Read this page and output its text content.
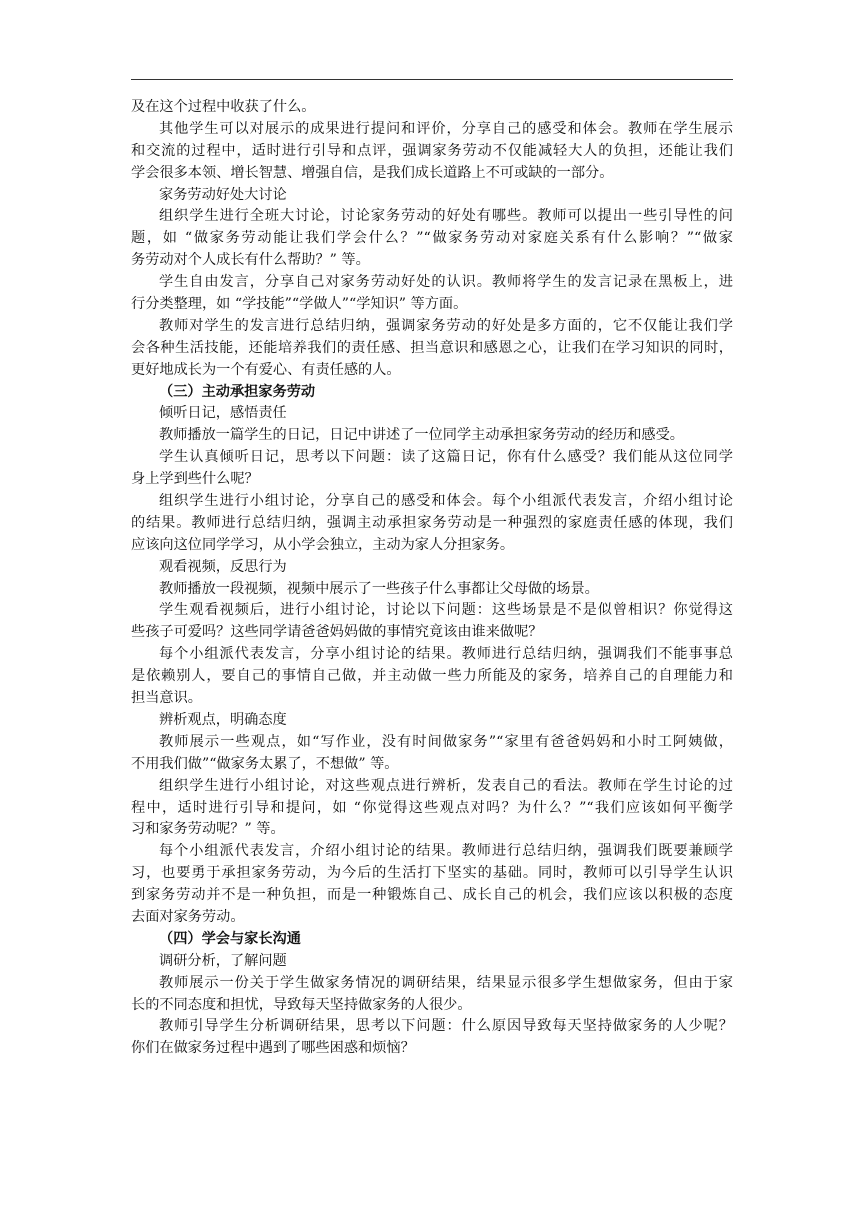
及在这个过程中收获了什么。
其他学生可以对展示的成果进行提问和评价，分享自己的感受和体会。教师在学生展示
和交流的过程中，适时进行引导和点评，强调家务劳动不仅能减轻大人的负担，还能让我们
学会很多本领、增长智慧、增强自信，是我们成长道路上不可或缺的一部分。
家务劳动好处大讨论
组织学生进行全班大讨论，讨论家务劳动的好处有哪些。教师可以提出一些引导性的问
题，如 “做家务劳动能让我们学会什么？”“做家务劳动对家庭关系有什么影响？”“做家
务劳动对个人成长有什么帮助？” 等。
学生自由发言，分享自己对家务劳动好处的认识。教师将学生的发言记录在黑板上，进
行分类整理，如 “学技能”“学做人”“学知识” 等方面。
教师对学生的发言进行总结归纳，强调家务劳动的好处是多方面的，它不仅能让我们学
会各种生活技能，还能培养我们的责任感、担当意识和感恩之心，让我们在学习知识的同时，
更好地成长为一个有爱心、有责任感的人。
（三）主动承担家务劳动
倾听日记，感悟责任
教师播放一篇学生的日记，日记中讲述了一位同学主动承担家务劳动的经历和感受。
学生认真倾听日记，思考以下问题：读了这篇日记，你有什么感受？我们能从这位同学
身上学到些什么呢？
组织学生进行小组讨论，分享自己的感受和体会。每个小组派代表发言，介绍小组讨论
的结果。教师进行总结归纳，强调主动承担家务劳动是一种强烈的家庭责任感的体现，我们
应该向这位同学学习，从小学会独立，主动为家人分担家务。
观看视频，反思行为
教师播放一段视频，视频中展示了一些孩子什么事都让父母做的场景。
学生观看视频后，进行小组讨论，讨论以下问题：这些场景是不是似曾相识？你觉得这
些孩子可爱吗？这些同学请爸爸妈妈做的事情究竟该由谁来做呢？
每个小组派代表发言，分享小组讨论的结果。教师进行总结归纳，强调我们不能事事总
是依赖别人，要自己的事情自己做，并主动做一些力所能及的家务，培养自己的自理能力和
担当意识。
辨析观点，明确态度
教师展示一些观点，如“写作业，没有时间做家务”“家里有爸爸妈妈和小时工阿姨做，
不用我们做”“做家务太累了，不想做” 等。
组织学生进行小组讨论，对这些观点进行辨析，发表自己的看法。教师在学生讨论的过
程中，适时进行引导和提问，如 “你觉得这些观点对吗？为什么？”“我们应该如何平衡学
习和家务劳动呢？” 等。
每个小组派代表发言，介绍小组讨论的结果。教师进行总结归纳，强调我们既要兼顾学
习，也要勇于承担家务劳动，为今后的生活打下坚实的基础。同时，教师可以引导学生认识
到家务劳动并不是一种负担，而是一种锻炼自己、成长自己的机会，我们应该以积极的态度
去面对家务劳动。
（四）学会与家长沟通
调研分析，了解问题
教师展示一份关于学生做家务情况的调研结果，结果显示很多学生想做家务，但由于家
长的不同态度和担忧，导致每天坚持做家务的人很少。
教师引导学生分析调研结果，思考以下问题：什么原因导致每天坚持做家务的人少呢？
你们在做家务过程中遇到了哪些困惑和烦恼？
